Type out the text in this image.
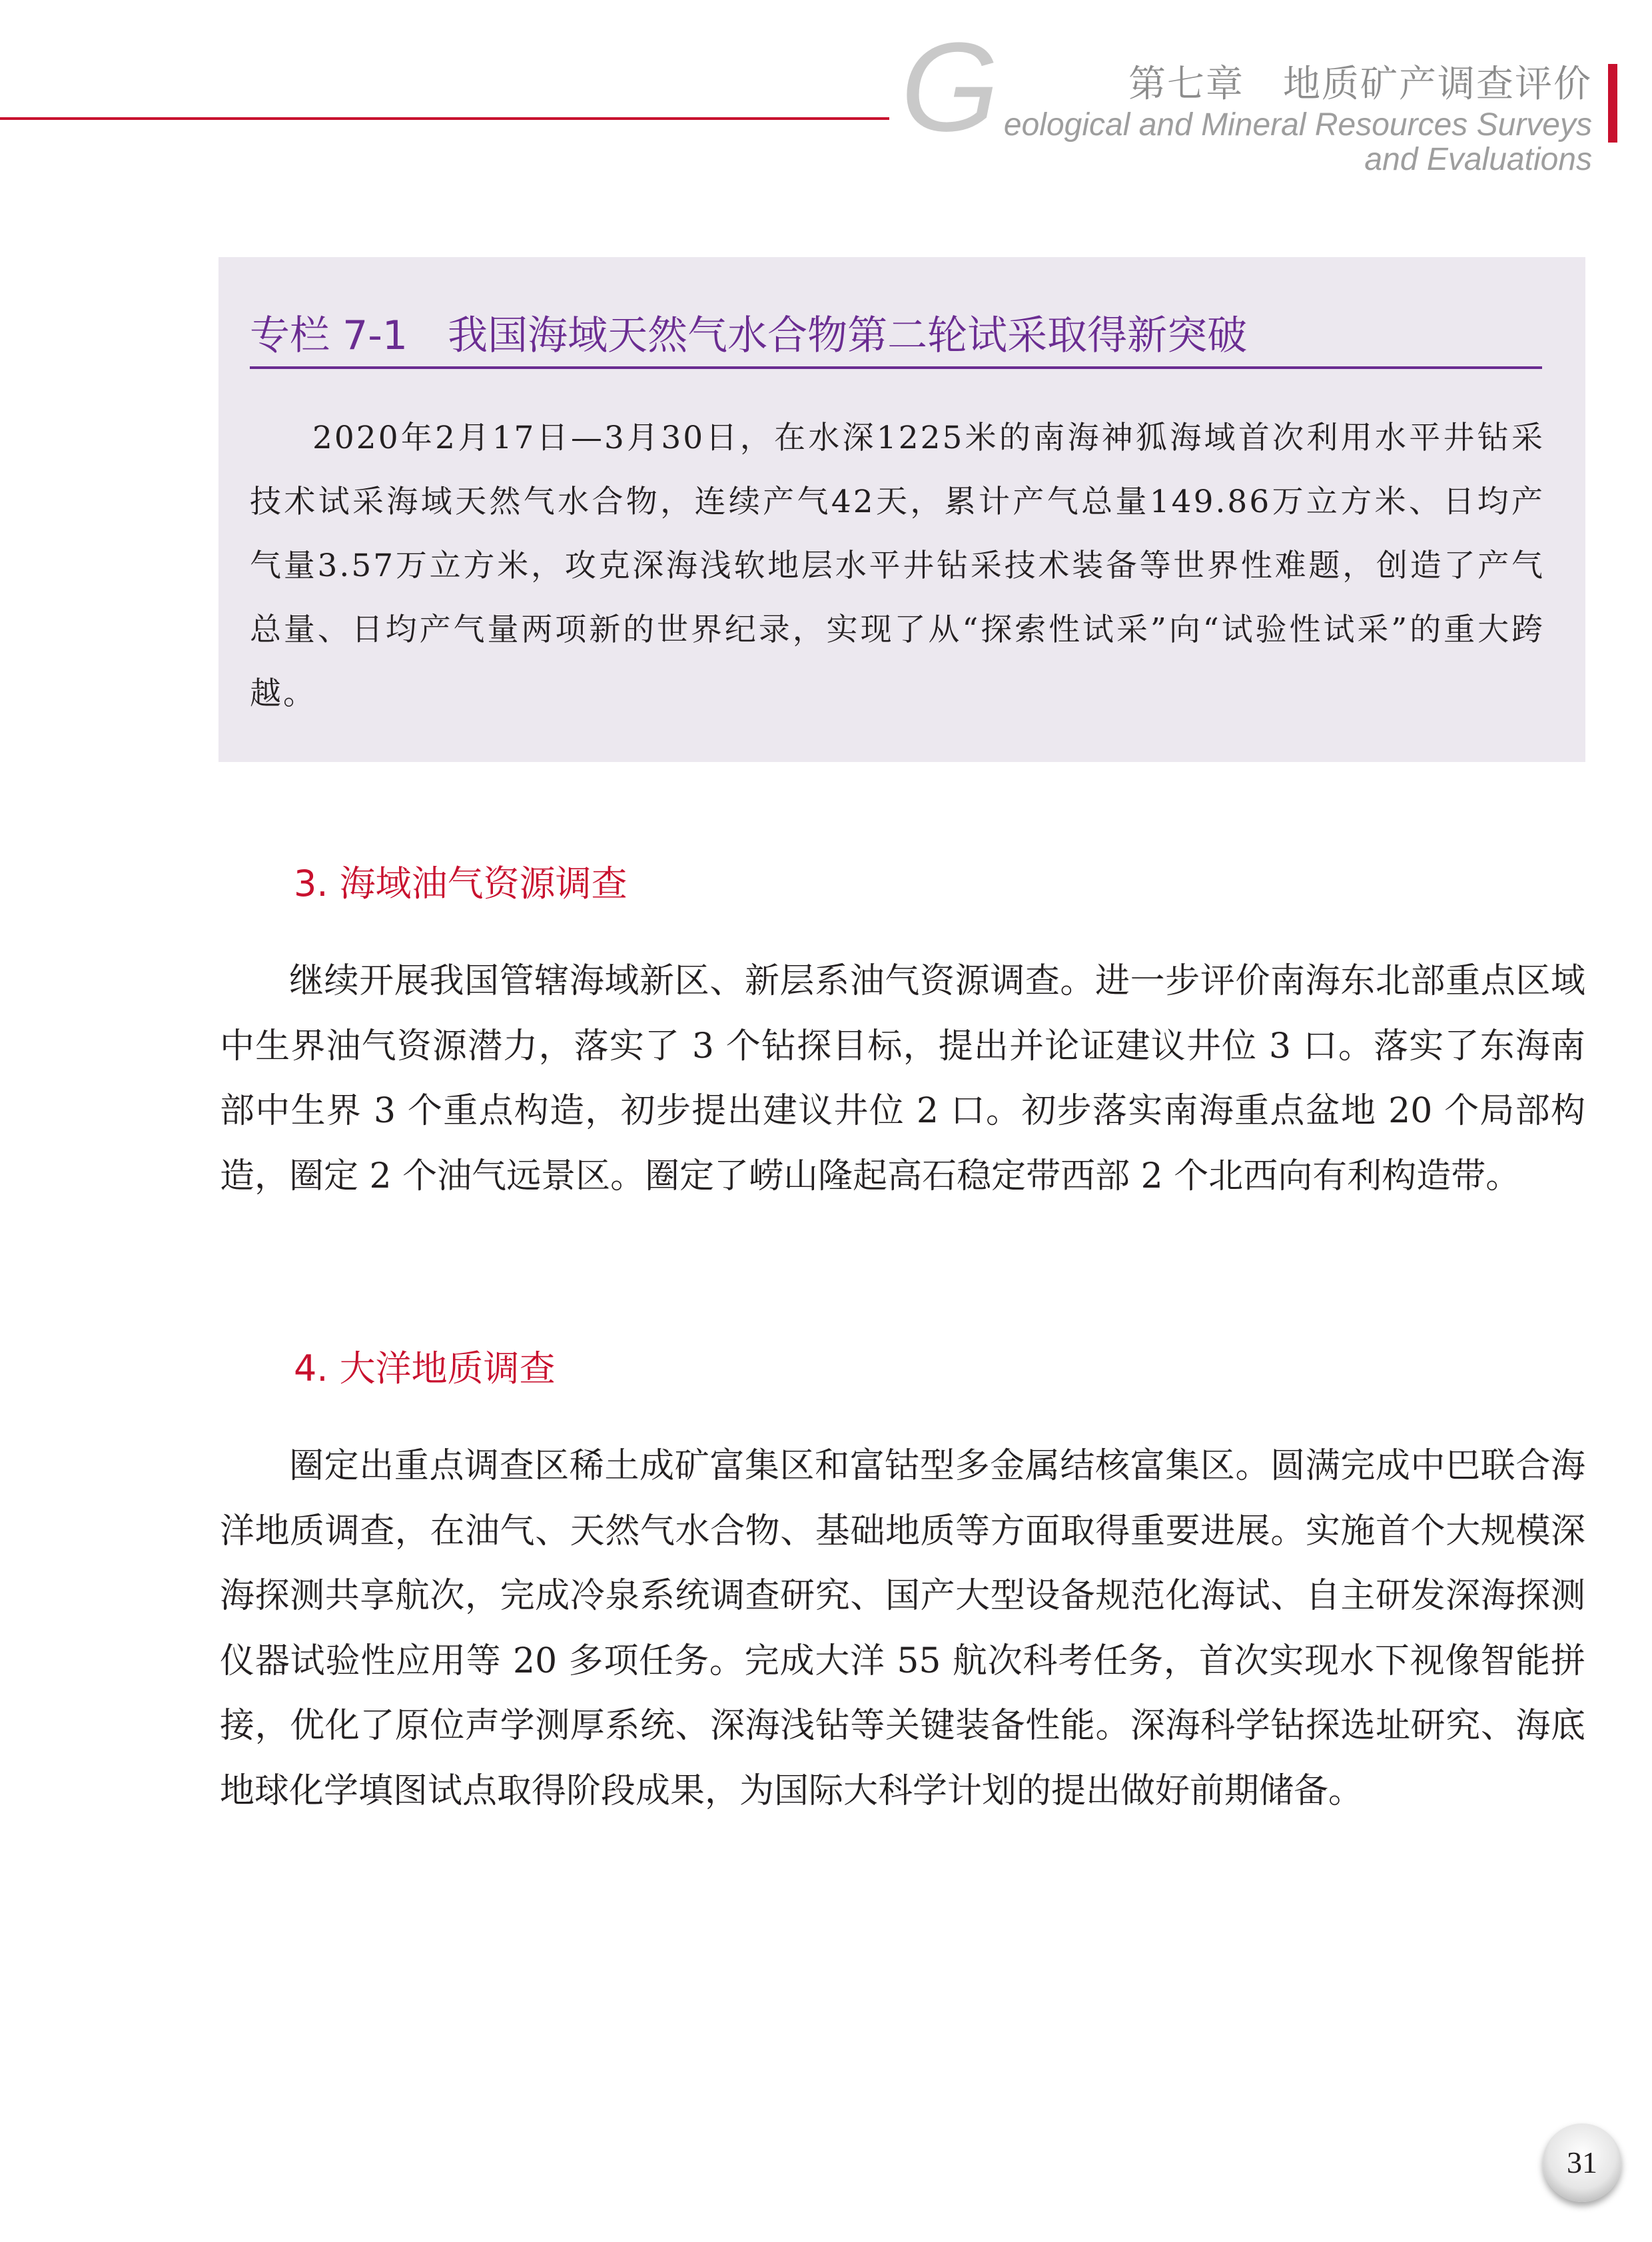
G	第七章　地质矿产调查评价
eological and Mineral Resources Surveys
and Evaluations
专栏 7-1　我国海域天然气水合物第二轮试采取得新突破
2020年2月17日—3月30日，在水深1225米的南海神狐海域首次利用水平井钻采技术试采海域天然气水合物，连续产气42天，累计产气总量149.86万立方米、日均产气量3.57万立方米，攻克深海浅软地层水平井钻采技术装备等世界性难题，创造了产气总量、日均产气量两项新的世界纪录，实现了从“探索性试采”向“试验性试采”的重大跨越。
3. 海域油气资源调查
继续开展我国管辖海域新区、新层系油气资源调查。进一步评价南海东北部重点区域中生界油气资源潜力，落实了 3 个钻探目标，提出并论证建议井位 3 口。落实了东海南部中生界 3 个重点构造，初步提出建议井位 2 口。初步落实南海重点盆地 20 个局部构造，圈定 2 个油气远景区。圈定了崂山隆起高石稳定带西部 2 个北西向有利构造带。
4. 大洋地质调查
圈定出重点调查区稀土成矿富集区和富钴型多金属结核富集区。圆满完成中巴联合海洋地质调查，在油气、天然气水合物、基础地质等方面取得重要进展。实施首个大规模深海探测共享航次，完成冷泉系统调查研究、国产大型设备规范化海试、自主研发深海探测仪器试验性应用等 20 多项任务。完成大洋 55 航次科考任务，首次实现水下视像智能拼接，优化了原位声学测厚系统、深海浅钻等关键装备性能。深海科学钻探选址研究、海底地球化学填图试点取得阶段成果，为国际大科学计划的提出做好前期储备。
31
